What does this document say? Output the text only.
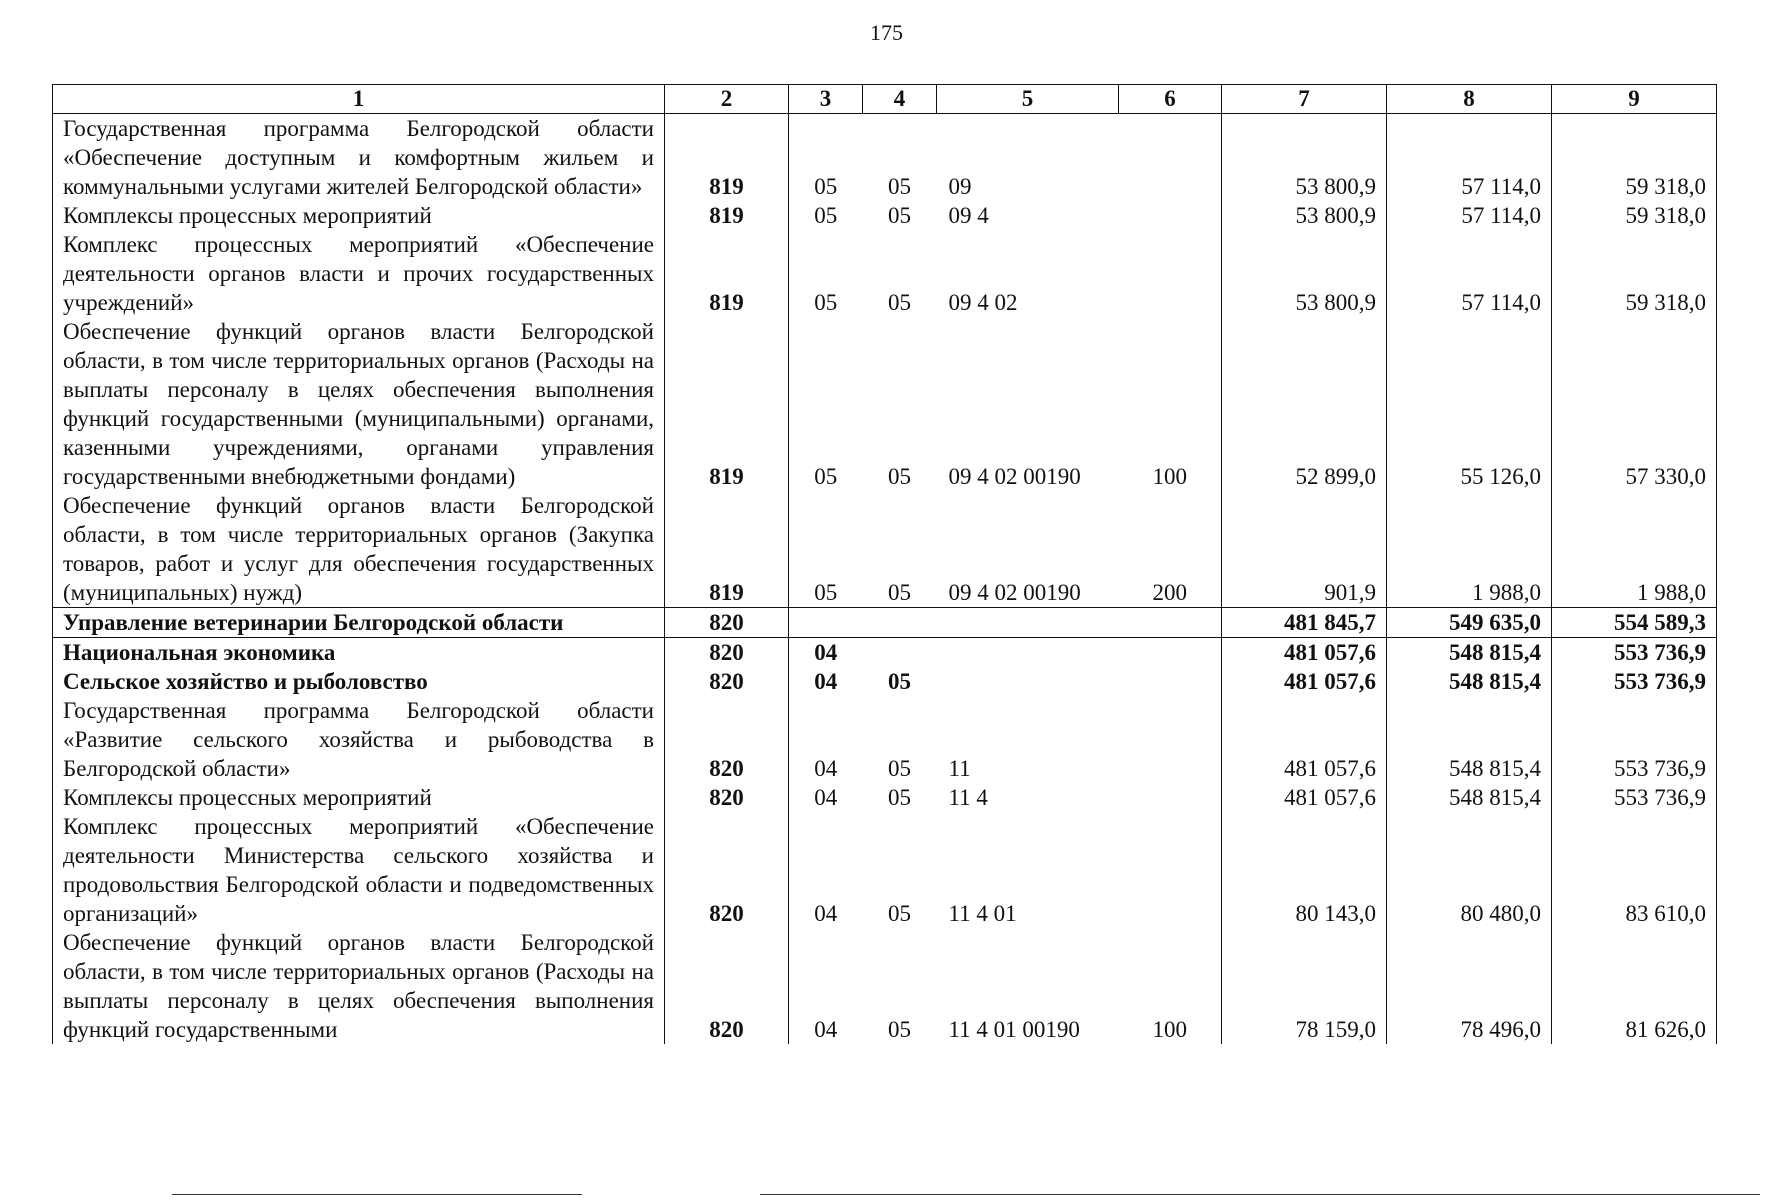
175
1	2	3	4	5	6	7	8	9
Государственная программа Белгородской области «Обеспечение доступным и комфортным жильем и коммунальными услугами жителей Белгородской области»	819	05	05	09		53 800,9	57 114,0	59 318,0
Комплексы процессных мероприятий	819	05	05	09 4		53 800,9	57 114,0	59 318,0
Комплекс процессных мероприятий «Обеспечение деятельности органов власти и прочих государственных учреждений»	819	05	05	09 4 02		53 800,9	57 114,0	59 318,0
Обеспечение функций органов власти Белгородской области, в том числе территориальных органов (Расходы на выплаты персоналу в целях обеспечения выполнения функций государственными (муниципальными) органами, казенными учреждениями, органами управления государственными внебюджетными фондами)	819	05	05	09 4 02 00190	100	52 899,0	55 126,0	57 330,0
Обеспечение функций органов власти Белгородской области, в том числе территориальных органов (Закупка товаров, работ и услуг для обеспечения государственных (муниципальных) нужд)	819	05	05	09 4 02 00190	200	901,9	1 988,0	1 988,0
Управление ветеринарии Белгородской области	820					481 845,7	549 635,0	554 589,3
Национальная экономика	820	04				481 057,6	548 815,4	553 736,9
Сельское хозяйство и рыболовство	820	04	05			481 057,6	548 815,4	553 736,9
Государственная программа Белгородской области «Развитие сельского хозяйства и рыбоводства в Белгородской области»	820	04	05	11		481 057,6	548 815,4	553 736,9
Комплексы процессных мероприятий	820	04	05	11 4		481 057,6	548 815,4	553 736,9
Комплекс процессных мероприятий «Обеспечение деятельности Министерства сельского хозяйства и продовольствия Белгородской области и подведомственных организаций»	820	04	05	11 4 01		80 143,0	80 480,0	83 610,0
Обеспечение функций органов власти Белгородской области, в том числе территориальных органов (Расходы на выплаты персоналу в целях обеспечения выполнения функций государственными	820	04	05	11 4 01 00190	100	78 159,0	78 496,0	81 626,0
